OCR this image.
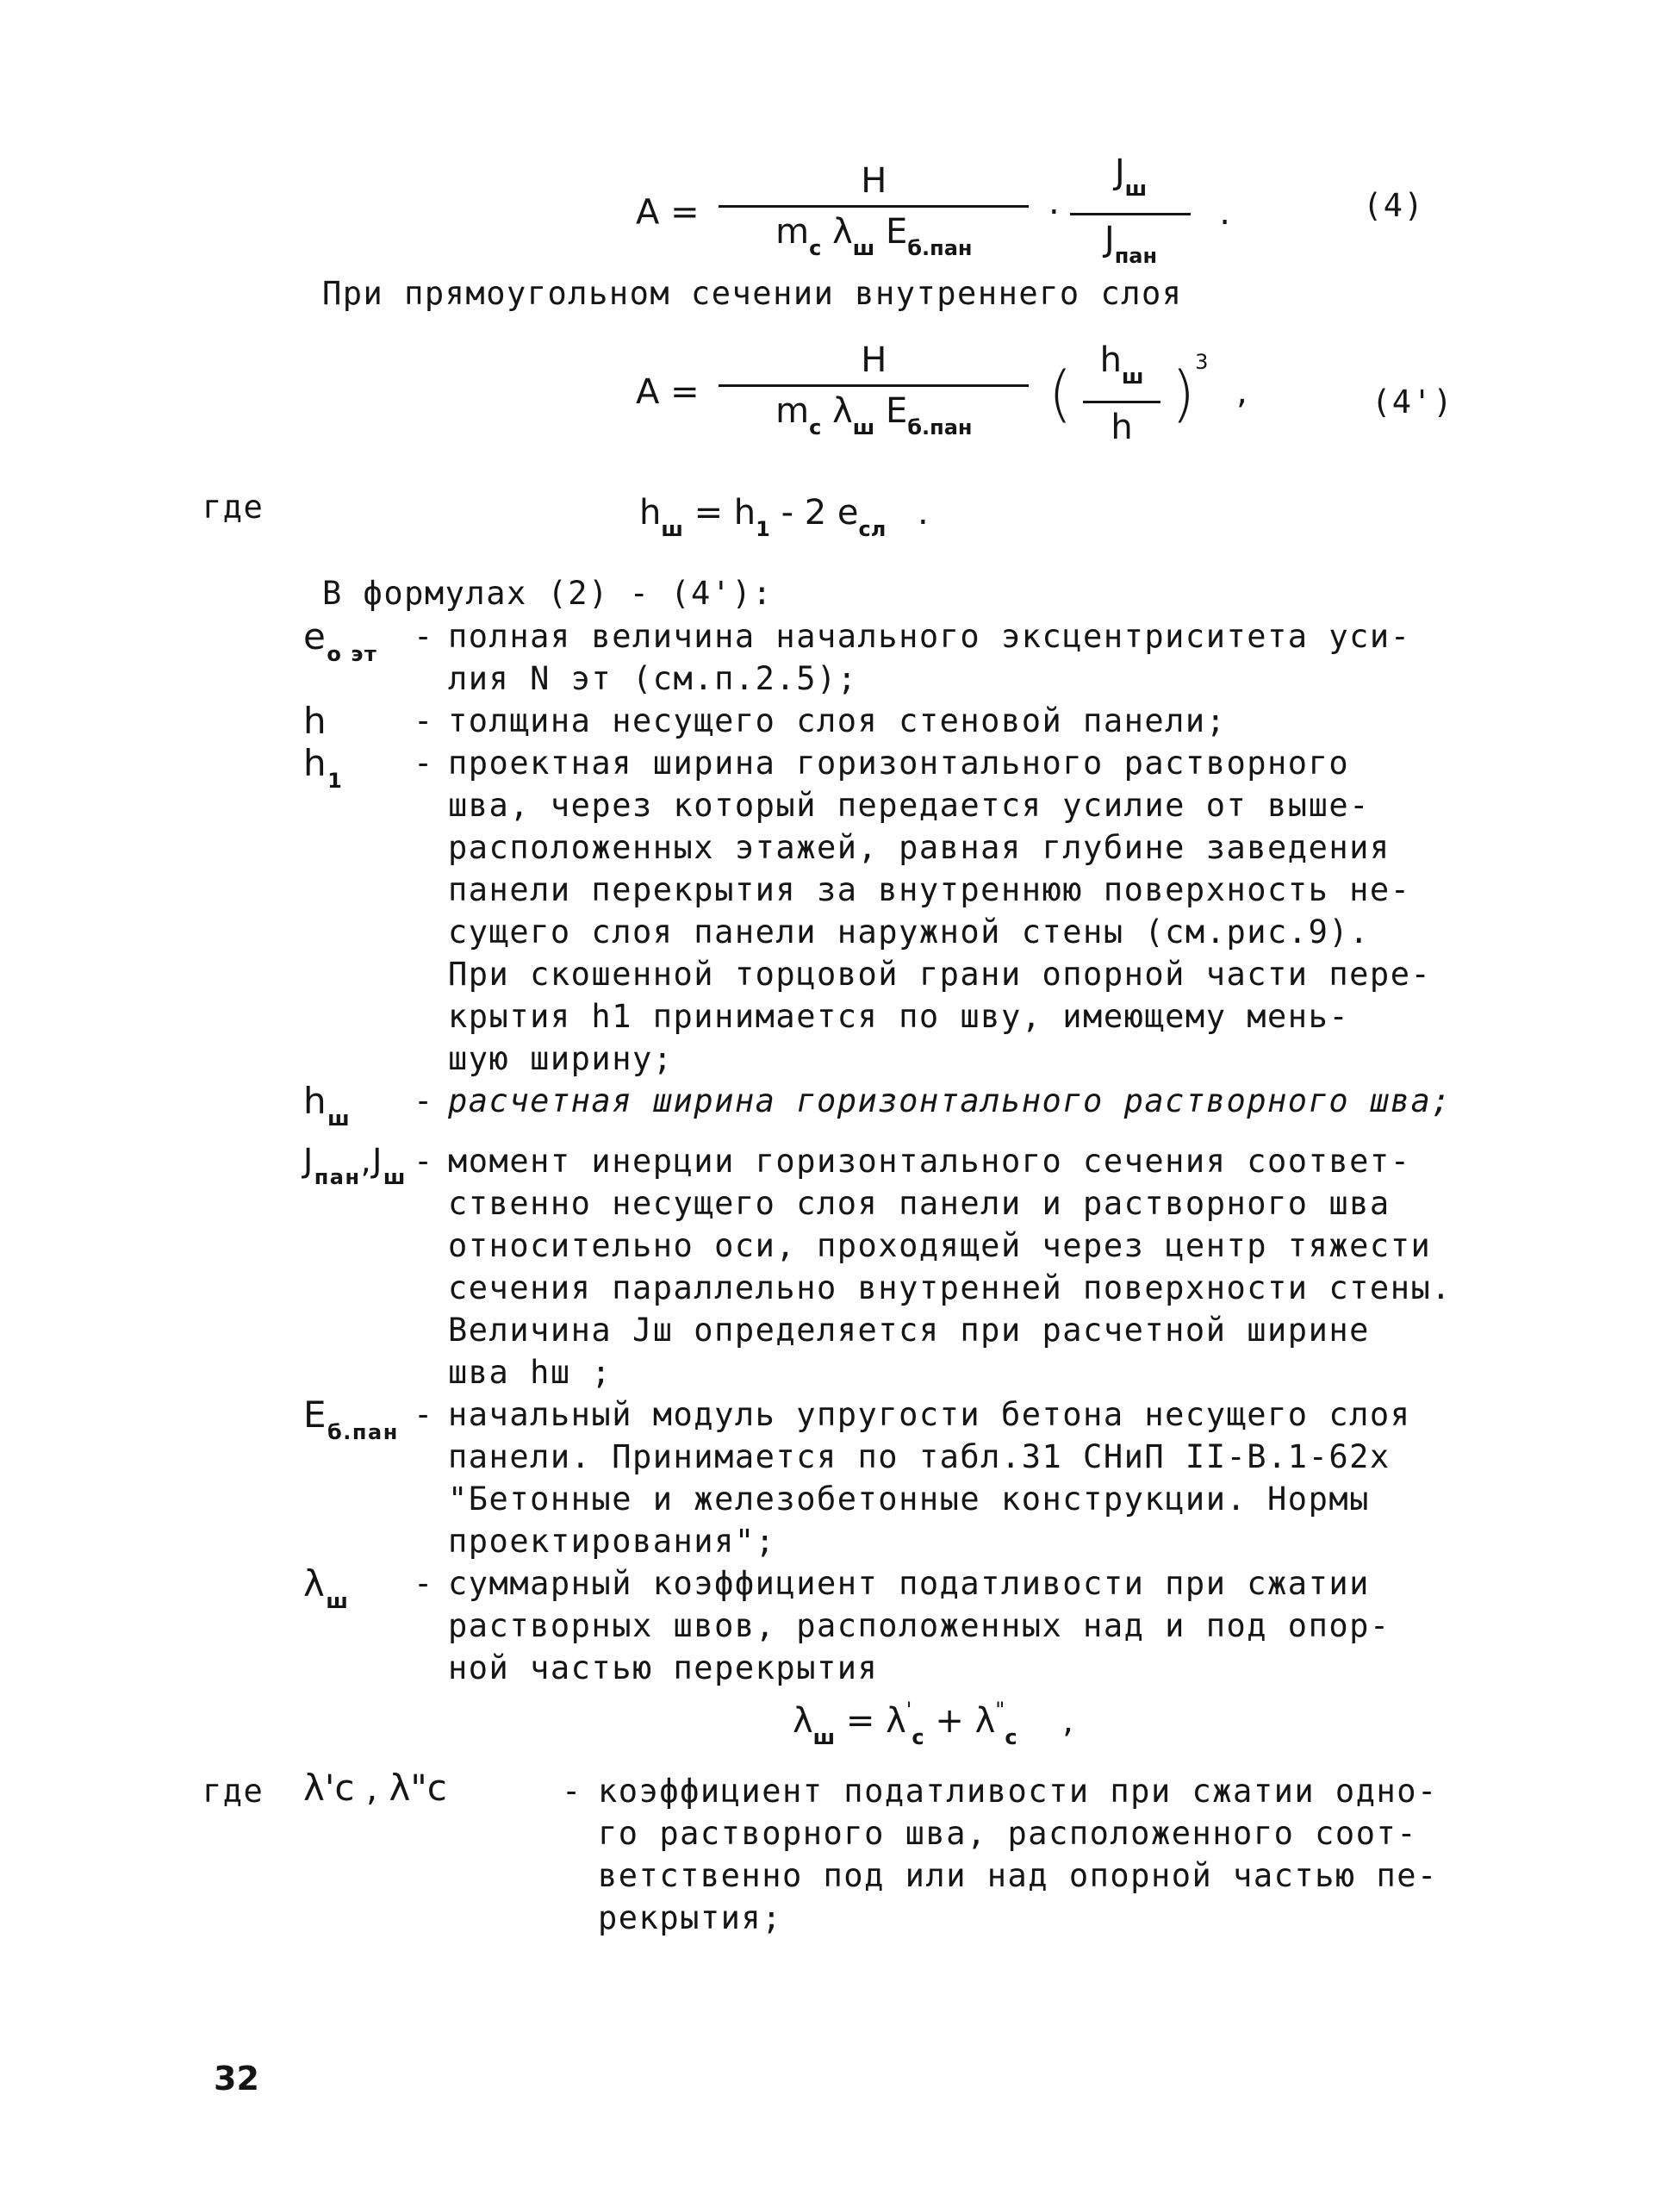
$A = \frac{H}{m_c \lambda_ш E_{б.пан}} \cdot \frac{J_ш}{J_{пан}}$ .	(4)
При прямоугольном сечении внутреннего слоя
$A = \frac{H}{m_c \lambda_ш E_{б.пан}}$ ( $\frac{h_ш}{h} )^3$ ,	(4')
где	$h_ш = h_1 - 2$ $e_{сл}$ .
В формулах (2) - (4'):
$e_{o эт}$	- полная величина начального эксцентриситета уси-

лия N эт (см.п.2.5);

h	- толщина несущего слоя стеновой панели;

$h_1$	- проектная ширина горизонтального растворного

шва, через который передается усилие от выше-

расположенных этажей, равная глубине заведения

панели перекрытия за внутреннюю поверхность не-

сущего слоя панели наружной стены (см.рис.9).

При скошенной торцовой грани опорной части пере-

крытия h1 принимается по шву, имеющему мень-

шую ширину;

$h_ш$	- расчетная ширина горизонтального растворного шва;

$J_{пан},J_ш$ - момент инерции горизонтального сечения соответ-

ственно несущего слоя панели и растворного шва

относительно оси, проходящей через центр тяжести

сечения параллельно внутренней поверхности стены.

Величина Jш определяется при расчетной ширине

шва hш ;

$E_{б.пан}$ - начальный модуль упругости бетона несущего слоя

панели. Принимается по табл.31 СНиП II-В.1-62x

"Бетонные и железобетонные конструкции. Нормы

проектирования";

$\lambda_ш$	- суммарный коэффициент податливости при сжатии

растворных швов, расположенных над и под опор-

ной частью перекрытия

$\lambda_ш = \lambda'_c + \lambda^"_c$ ,
где λ'c , λ"c	- коэффициент податливости при сжатии одно-

го растворного шва, расположенного соот-

ветственно под или над опорной частью пе-

рекрытия;

32
